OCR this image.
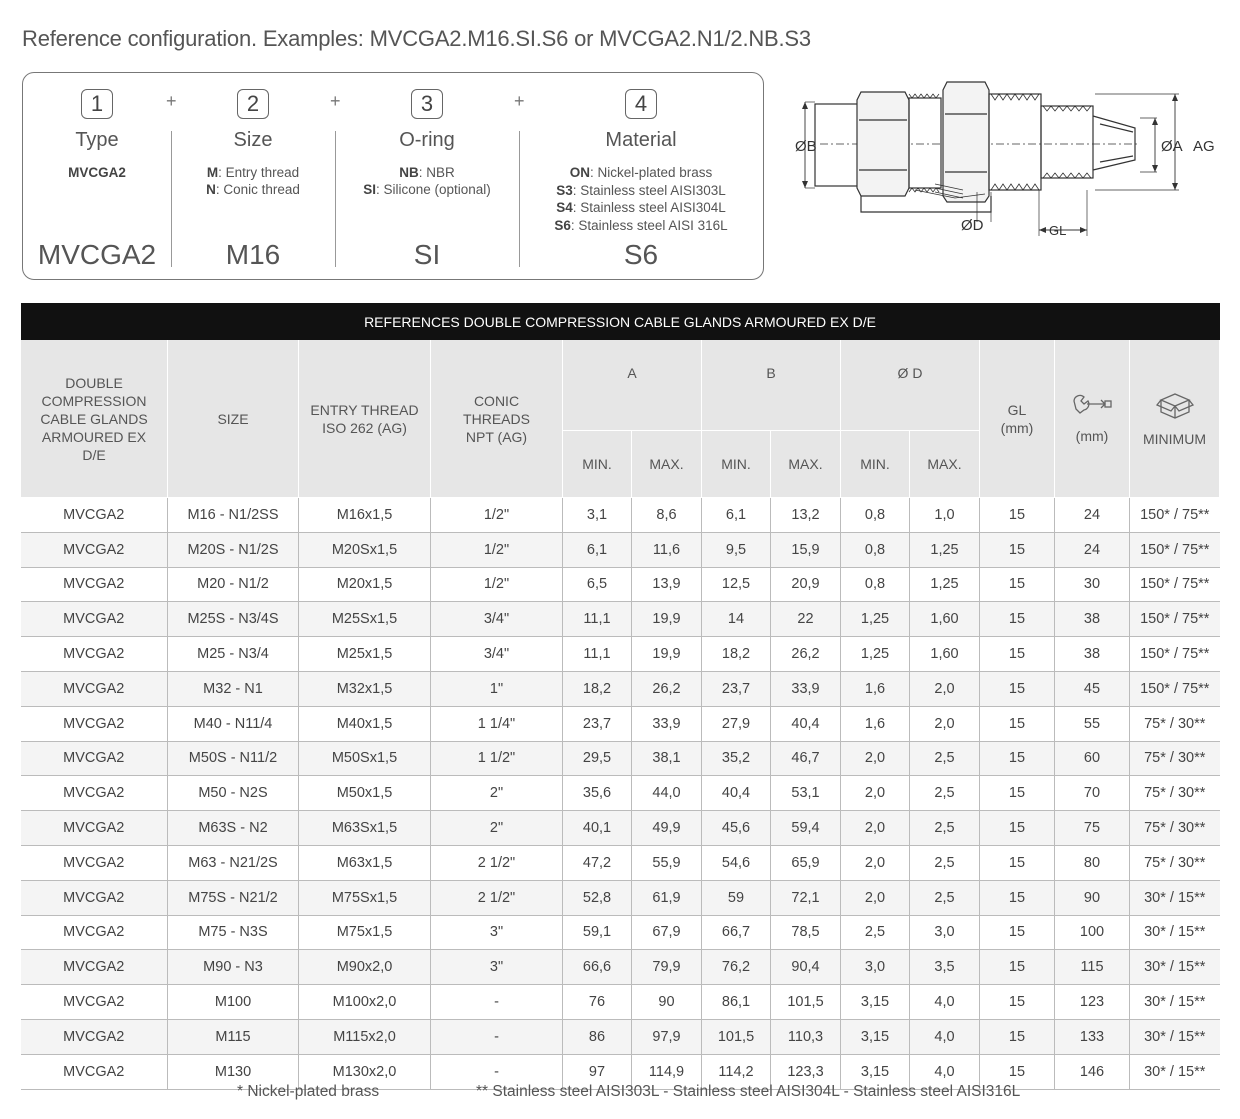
Reference configuration. Examples: MVCGA2.M16.SI.S6 or MVCGA2.N1/2.NB.S3
1
Type
MVCGA2
MVCGA2
+	2
Size
M: Entry thread
N: Conic thread
M16
+	3
O-ring
NB: NBR
SI: Silicone (optional)
SI
+	4
Material
ON: Nickel-plated brass
S3: Stainless steel AISI303L
S4: Stainless steel AISI304L
S6: Stainless steel AISI 316L
S6
ØB	ØA AG
ØD	GL
REFERENCES DOUBLE COMPRESSION CABLE GLANDS ARMOURED EX D/E												
DOUBLE COMPRESSION CABLE GLANDS ARMOURED EX D/E	SIZE	ENTRY THREAD ISO 262 (AG)	CONIC THREADS NPT (AG)	A		B		Ø D		GL (mm)	(mm)	MINIMUM

				MIN.	MAX.	MIN.	MAX.	MIN.	MAX.			
MVCGA2	M16 - N1/2SS	M16x1,5	1/2"	3,1	8,6	6,1	13,2	0,8	1,0	15	24	150* / 75**
MVCGA2	M20S - N1/2S	M20Sx1,5	1/2"	6,1	11,6	9,5	15,9	0,8	1,25	15	24	150* / 75**
MVCGA2	M20 - N1/2	M20x1,5	1/2"	6,5	13,9	12,5	20,9	0,8	1,25	15	30	150* / 75**
MVCGA2	M25S - N3/4S	M25Sx1,5	3/4"	11,1	19,9	14	22	1,25	1,60	15	38	150* / 75**
MVCGA2	M25 - N3/4	M25x1,5	3/4"	11,1	19,9	18,2	26,2	1,25	1,60	15	38	150* / 75**
MVCGA2	M32 - N1	M32x1,5	1"	18,2	26,2	23,7	33,9	1,6	2,0	15	45	150* / 75**
MVCGA2	M40 - N11/4	M40x1,5	1 1/4"	23,7	33,9	27,9	40,4	1,6	2,0	15	55	75* / 30**
MVCGA2	M50S - N11/2	M50Sx1,5	1 1/2"	29,5	38,1	35,2	46,7	2,0	2,5	15	60	75* / 30**
MVCGA2	M50 - N2S	M50x1,5	2"	35,6	44,0	40,4	53,1	2,0	2,5	15	70	75* / 30**
MVCGA2	M63S - N2	M63Sx1,5	2"	40,1	49,9	45,6	59,4	2,0	2,5	15	75	75* / 30**
MVCGA2	M63 - N21/2S	M63x1,5	2 1/2"	47,2	55,9	54,6	65,9	2,0	2,5	15	80	75* / 30**
MVCGA2	M75S - N21/2	M75Sx1,5	2 1/2"	52,8	61,9	59	72,1	2,0	2,5	15	90	30* / 15**
MVCGA2	M75 - N3S	M75x1,5	3"	59,1	67,9	66,7	78,5	2,5	3,0	15	100	30* / 15**
MVCGA2	M90 - N3	M90x2,0	3"	66,6	79,9	76,2	90,4	3,0	3,5	15	115	30* / 15**
MVCGA2	M100	M100x2,0	-	76	90	86,1	101,5	3,15	4,0	15	123	30* / 15**
MVCGA2	M115	M115x2,0	-	86	97,9	101,5	110,3	3,15	4,0	15	133	30* / 15**
MVCGA2	M130	M130x2,0	-	97	114,9	114,2	123,3	3,15	4,0	15	146	30* / 15**
* Nickel-plated brass	** Stainless steel AISI303L - Stainless steel AISI304L - Stainless steel AISI316L
